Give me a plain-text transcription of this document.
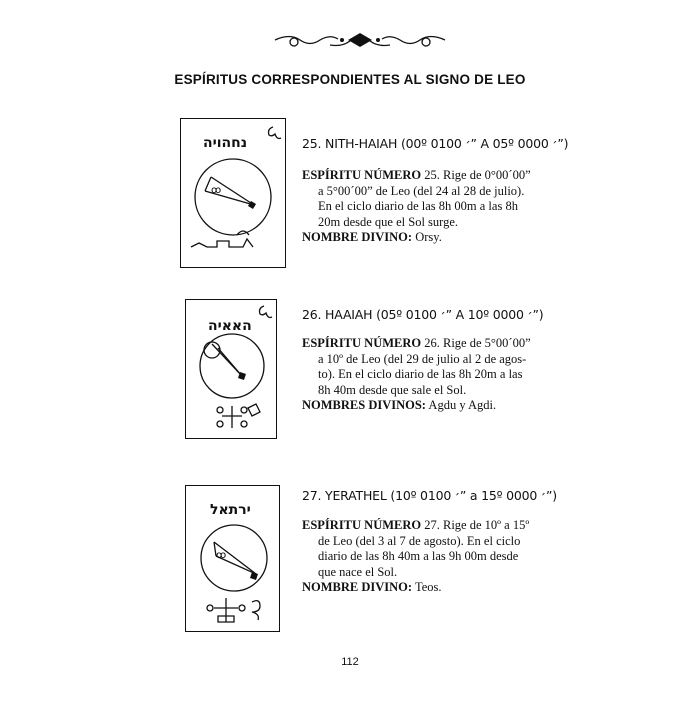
ESPÍRITUS CORRESPONDIENTES AL SIGNO DE LEO
ꝏ
נחהויה	25. NITH-HAIAH (00º 01׳ 00” A 05º 00׳ 00”)

ESPÍRITU NÚMERO 25. Rige de 0°00´00”

a 5°00´00” de Leo (del 24 al 28 de julio).

En el ciclo diario de las 8h 00m a las 8h

20m desde que el Sol surge.

NOMBRE DIVINO: Orsy.

האאיה
26. HAAIAH (05º 01׳ 00” A 10º 00׳ 00”)

ESPÍRITU NÚMERO 26. Rige de 5°00´00”

a 10º de Leo (del 29 de julio al 2 de agos-

to). En el ciclo diario de las 8h 20m a las

8h 40m desde que sale el Sol.

NOMBRES DIVINOS: Agdu y Agdi.

ꝏ
ירתאל
27. YERATHEL (10º 01׳ 00” a 15º 00׳ 00”)

ESPÍRITU NÚMERO 27. Rige de 10º a 15º

de Leo (del 3 al 7 de agosto). En el ciclo

diario de las 8h 40m a las 9h 00m desde

que nace el Sol.

NOMBRE DIVINO: Teos.

112
